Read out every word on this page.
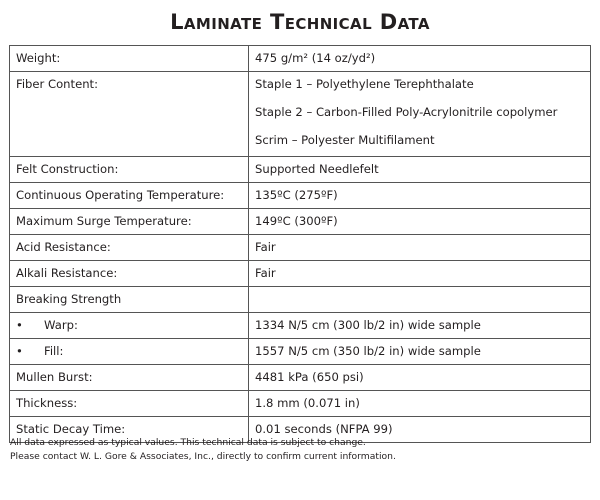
Laminate Technical Data
Weight:	475 g/m² (14 oz/yd²)

Fiber Content:	Staple 1 – Polyethylene Terephthalate
Staple 2 – Carbon-Filled Poly-Acrylonitrile copolymer
Scrim – Polyester Multifilament

Felt Construction:	Supported Needlefelt

Continuous Operating Temperature:	135ºC (275ºF)

Maximum Surge Temperature:	149ºC (300ºF)

Acid Resistance:	Fair

Alkali Resistance:	Fair

Breaking Strength	

• Warp:	1334 N/5 cm (300 lb/2 in) wide sample

• Fill:	1557 N/5 cm (350 lb/2 in) wide sample

Mullen Burst:	4481 kPa (650 psi)

Thickness:	1.8 mm (0.071 in)

Static Decay Time:	0.01 seconds (NFPA 99)
All data expressed as typical values. This technical data is subject to change.
Please contact W. L. Gore & Associates, Inc., directly to confirm current information.
